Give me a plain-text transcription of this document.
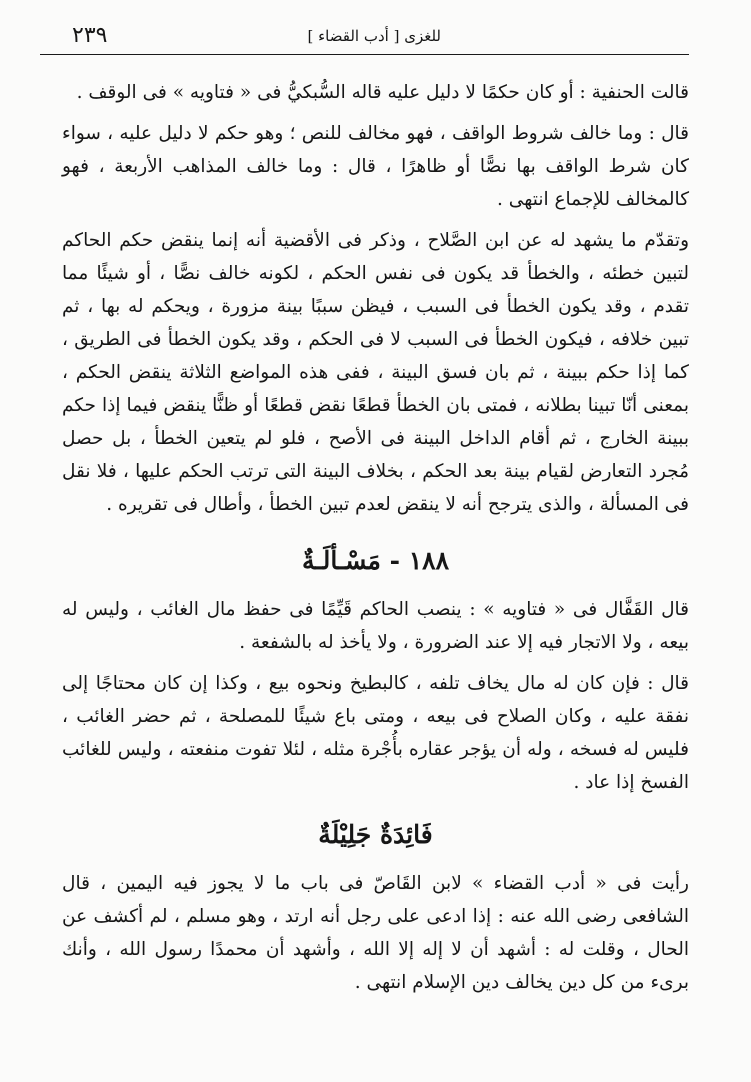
٢٣٩	[ أدب القضاء ] للغزى

قالت الحنفية : أو كان حكمًا لا دليل عليه قاله السُّبكيُّ فى « فتاويه » فى الوقف .

قال : وما خالف شروط الواقف ، فهو مخالف للنص ؛ وهو حكم لا دليل عليه ، سواء كان شرط الواقف بها نصًّا أو ظاهرًا ، قال : وما خالف المذاهب الأربعة ، فهو كالمخالف للإجماع انتهى .

وتقدّم ما يشهد له عن ابن الصَّلاح ، وذكر فى الأقضية أنه إنما ينقض حكم الحاكم لتبين خطئه ، والخطأ قد يكون فى نفس الحكم ، لكونه خالف نصًّا ، أو شيئًا مما تقدم ، وقد يكون الخطأ فى السبب ، فيظن سببًا بينة مزورة ، ويحكم له بها ، ثم تبين خلافه ، فيكون الخطأ فى السبب لا فى الحكم ، وقد يكون الخطأ فى الطريق ، كما إذا حكم ببينة ، ثم بان فسق البينة ، ففى هذه المواضع الثلاثة ينقض الحكم ، بمعنى أنّا تبينا بطلانه ، فمتى بان الخطأ قطعًا نقض قطعًا أو ظنًّا ينقض فيما إذا حكم ببينة الخارج ، ثم أقام الداخل البينة فى الأصح ، فلو لم يتعين الخطأ ، بل حصل مُجرد التعارض لقيام بينة بعد الحكم ، بخلاف البينة التى ترتب الحكم عليها ، فلا نقل فى المسألة ، والذى يترجح أنه لا ينقض لعدم تبين الخطأ ، وأطال فى تقريره .

١٨٨ - مَسْـألَـةٌ

قال القَفَّال فى « فتاويه » : ينصب الحاكم قَيِّمًا فى حفظ مال الغائب ، وليس له بيعه ، ولا الاتجار فيه إلا عند الضرورة ، ولا يأخذ له بالشفعة .

قال : فإن كان له مال يخاف تلفه ، كالبطيخ ونحوه بيع ، وكذا إن كان محتاجًا إلى نفقة عليه ، وكان الصلاح فى بيعه ، ومتى باع شيئًا للمصلحة ، ثم حضر الغائب ، فليس له فسخه ، وله أن يؤجر عقاره بأُجْرة مثله ، لئلا تفوت منفعته ، وليس للغائب الفسخ إذا عاد .

فَائِدَةٌ جَلِيْلَةٌ

رأيت فى « أدب القضاء » لابن القَاصّ فى باب ما لا يجوز فيه اليمين ، قال الشافعى رضى الله عنه : إذا ادعى على رجل أنه ارتد ، وهو مسلم ، لم أكشف عن الحال ، وقلت له : أشهد أن لا إله إلا الله ، وأشهد أن محمدًا رسول الله ، وأنك برىء من كل دين يخالف دين الإسلام انتهى .
